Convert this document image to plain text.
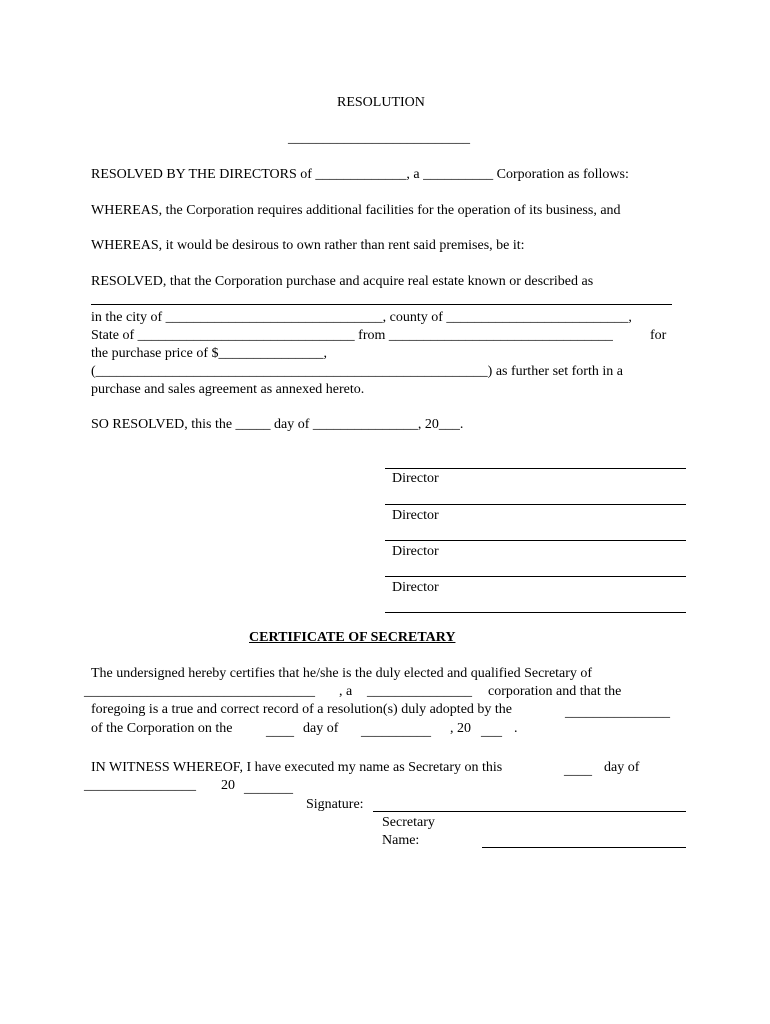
RESOLUTION
__________________________
RESOLVED BY THE DIRECTORS of _____________, a __________ Corporation as follows:
WHEREAS, the Corporation requires additional facilities for the operation of its business, and
WHEREAS, it would be desirous to own rather than rent said premises, be it:
RESOLVED, that the Corporation purchase and acquire real estate known or described as
in the city of _______________________________, county of __________________________,
State of _______________________________ from ________________________________	for
the purchase price of $_______________,
(________________________________________________________) as further set forth in a
purchase and sales agreement as annexed hereto.
SO RESOLVED, this the _____ day of _______________, 20___.
Director
Director
Director
Director
CERTIFICATE OF SECRETARY
The undersigned hereby certifies that he/she is the duly elected and qualified Secretary of
_________________________________ , a _______________ corporation and that the
foregoing is a true and correct record of a resolution(s) duly adopted by the	_______________
of the Corporation on the ____ day of __________ , 20 ___ .
IN WITNESS WHEREOF, I have executed my name as Secretary on this	____ day of
________________ 20 _______
Signature:
Secretary
Name:
